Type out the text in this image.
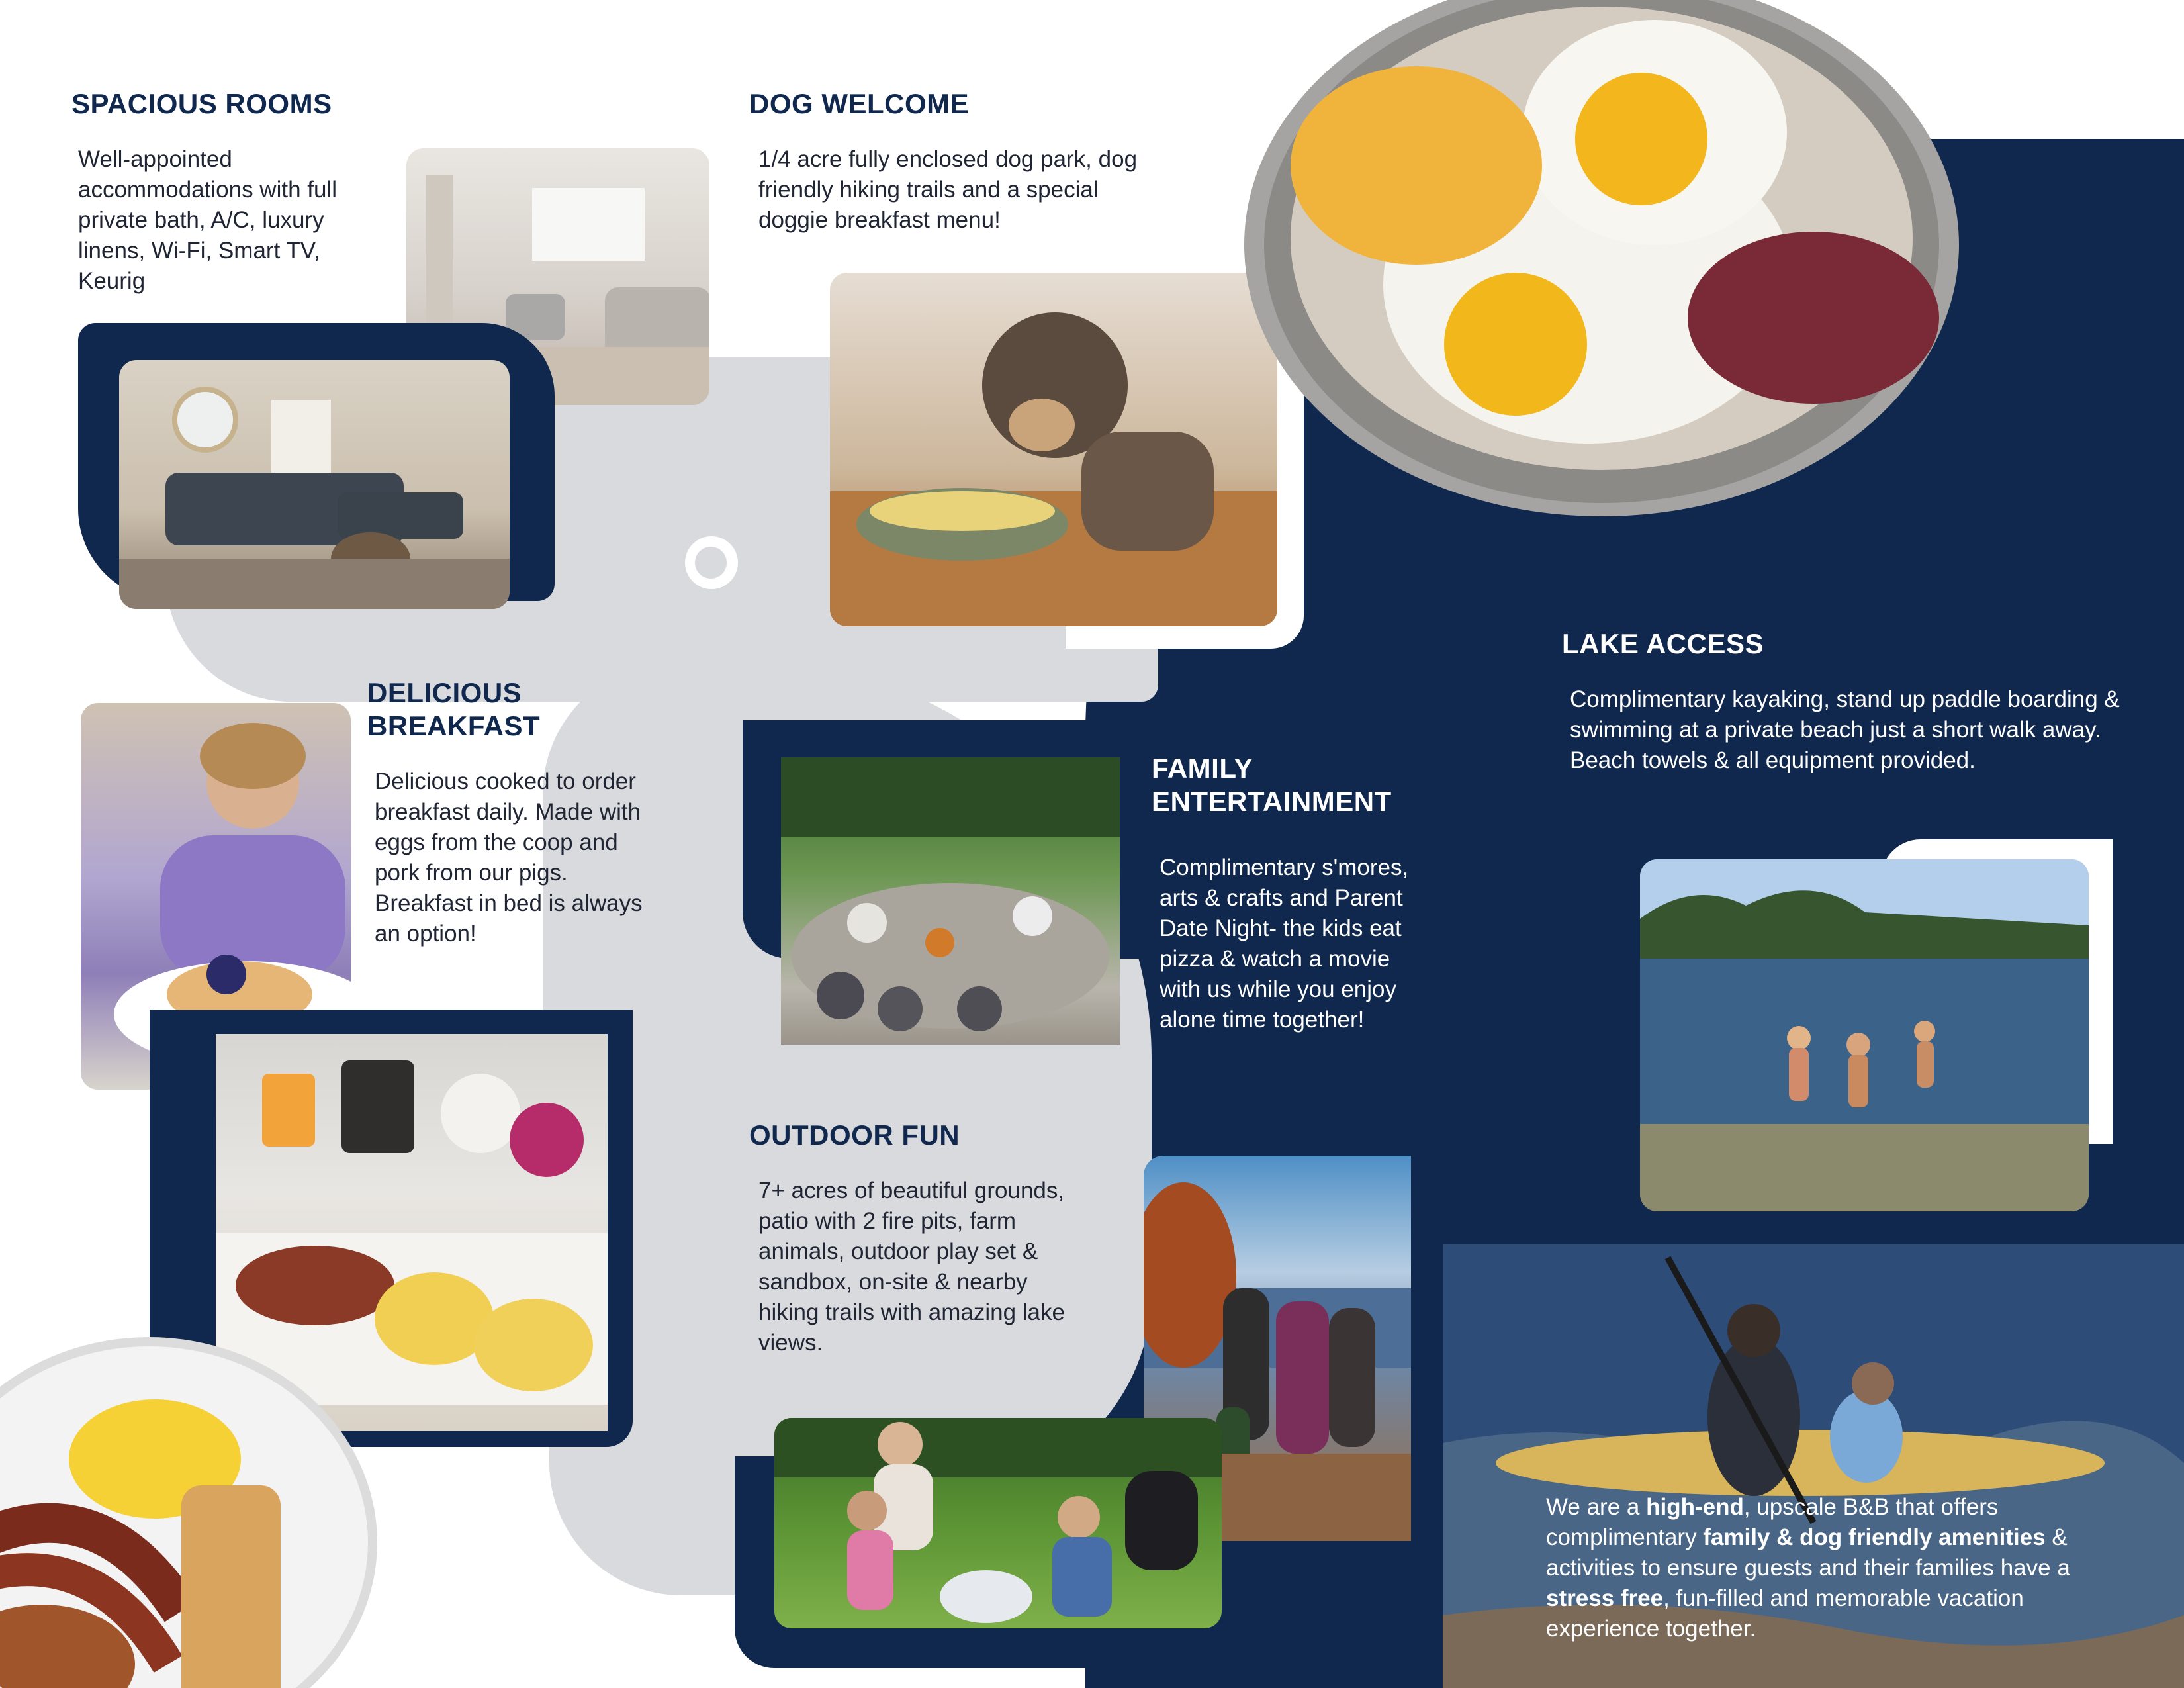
SPACIOUS ROOMS
Well-appointed accommodations with full private bath, A/C, luxury linens, Wi-Fi, Smart TV, Keurig
DOG WELCOME
1/4 acre fully enclosed dog park, dog friendly hiking trails and a special doggie breakfast menu!
DELICIOUS
BREAKFAST
Delicious cooked to order breakfast daily. Made with eggs from the coop and pork from our pigs. Breakfast in bed is always an option!
FAMILY
ENTERTAINMENT
Complimentary s'mores, arts & crafts and Parent Date Night- the kids eat pizza & watch a movie with us while you enjoy alone time together!
OUTDOOR FUN
7+ acres of beautiful grounds, patio with 2 fire pits, farm animals, outdoor play set & sandbox, on-site & nearby hiking trails with amazing lake views.
LAKE ACCESS
Complimentary kayaking, stand up paddle boarding & swimming at a private beach just a short walk away. Beach towels & all equipment provided.
We are a high-end, upscale B&B that offers complimentary family & dog friendly amenities & activities to ensure guests and their families have a stress free, fun-filled and memorable vacation experience together.
